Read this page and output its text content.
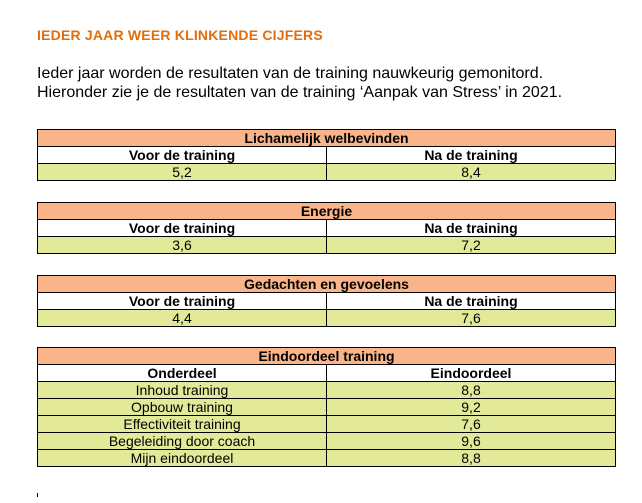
IEDER JAAR WEER KLINKENDE CIJFERS
Ieder jaar worden de resultaten van de training nauwkeurig gemonitord.
Hieronder zie je de resultaten van de training ‘Aanpak van Stress’ in 2021.
Lichamelijk welbevinden	
Voor de training	Na de training
5,2	8,4
Energie	
Voor de training	Na de training
3,6	7,2
Gedachten en gevoelens	
Voor de training	Na de training
4,4	7,6
Eindoordeel training	
Onderdeel	Eindoordeel
Inhoud training	8,8
Opbouw training	9,2
Effectiviteit training	7,6
Begeleiding door coach	9,6
Mijn eindoordeel	8,8
